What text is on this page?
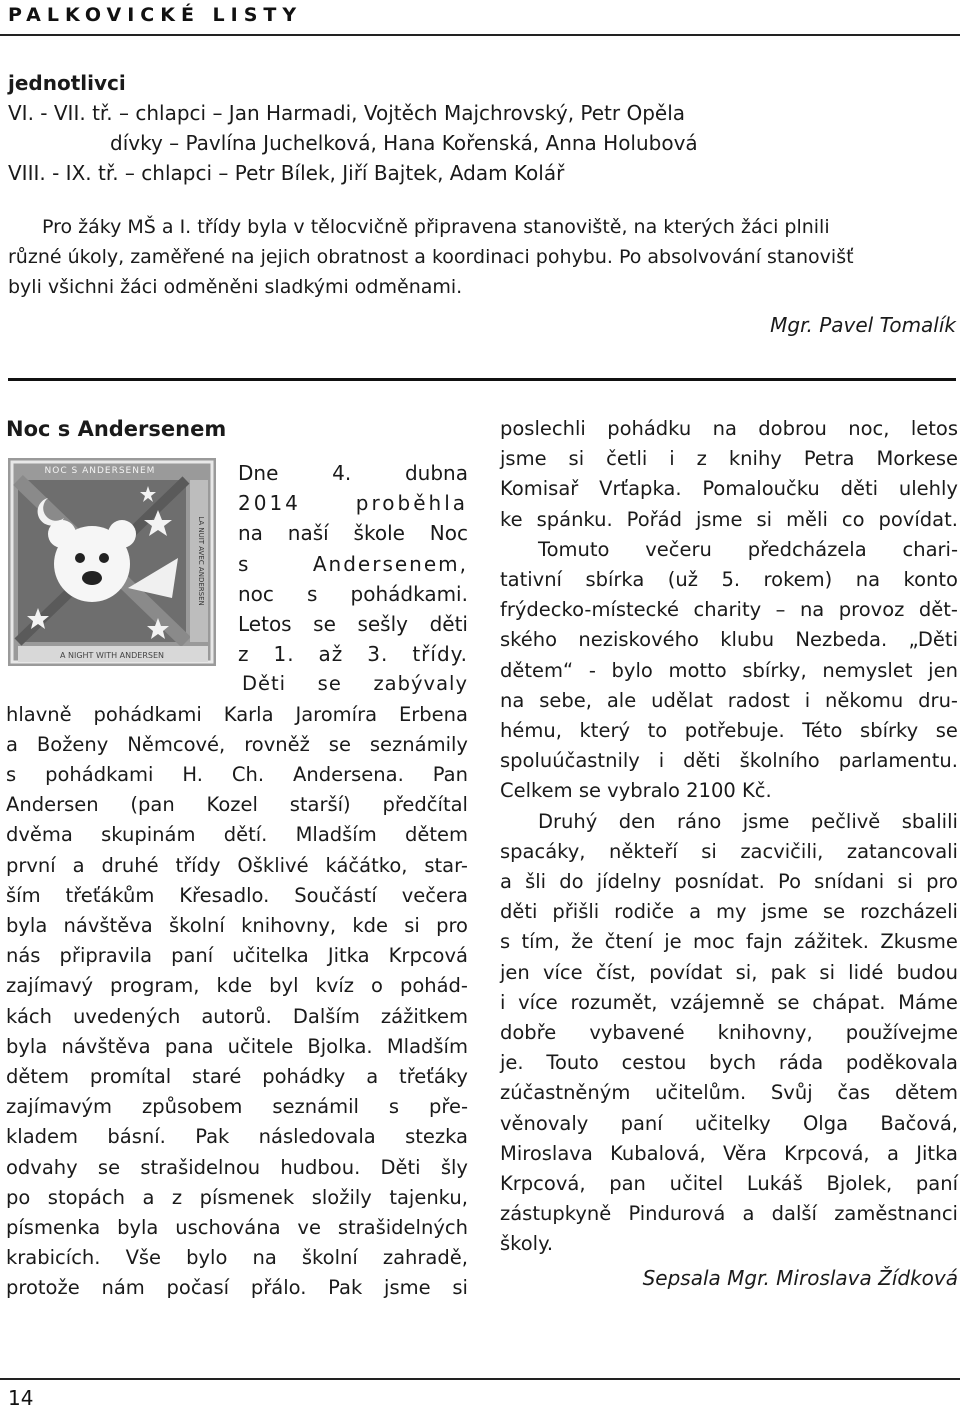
PALKOVICKÉ LISTY
jednotlivci
VI. - VII. tř. – chlapci – Jan Harmadi, Vojtěch Majchrovský, Petr Opěla
dívky – Pavlína Juchelková, Hana Kořenská, Anna Holubová
VIII. - IX. tř. – chlapci – Petr Bílek, Jiří Bajtek, Adam Kolář
Pro žáky MŠ a I. třídy byla v tělocvičně připravena stanoviště, na kterých žáci plnili
různé úkoly, zaměřené na jejich obratnost a koordinaci pohybu. Po absolvování stanovišť
byli všichni žáci odměněni sladkými odměnami.
Mgr. Pavel Tomalík
Noc s Andersenem
NOC S ANDERSENEM
LA NUIT AVEC ANDERSEN
A NIGHT WITH ANDERSEN
Dne	4.	dubna
2014	proběhla
na naší škole Noc
s	Andersenem,
noc s pohádkami.
Letos se sešly děti
z 1. až 3. třídy.
Děti se zabývaly
hlavně pohádkami Karla Jaromíra Erbena
a Boženy Němcové, rovněž se seznámily
s pohádkami H. Ch. Andersena. Pan
Andersen (pan Kozel starší) předčítal
dvěma skupinám dětí. Mladším dětem
první a druhé třídy Ošklivé káčátko, star-
ším třeťákům Křesadlo. Součástí večera
byla návštěva školní knihovny, kde si pro
nás připravila paní učitelka Jitka Krpcová
zajímavý program, kde byl kvíz o pohád-
kách uvedených autorů. Dalším zážitkem
byla návštěva pana učitele Bjolka. Mladším
dětem promítal staré pohádky a třeťáky
zajímavým způsobem seznámil s pře-
kladem básní. Pak následovala stezka
odvahy se strašidelnou hudbou. Děti šly
po stopách a z písmenek složily tajenku,
písmenka byla uschována ve strašidelných
krabicích. Vše bylo na školní zahradě,
protože nám počasí přálo. Pak jsme si
poslechli pohádku na dobrou noc, letos
jsme si četli i z knihy Petra Morkese
Komisař Vrťapka. Pomaloučku děti ulehly
ke spánku. Pořád jsme si měli co povídat.
Tomuto večeru předcházela chari-
tativní sbírka (už 5. rokem) na konto
frýdecko-místecké charity – na provoz dět-
ského neziskového klubu Nezbeda. „Děti
dětem“ - bylo motto sbírky, nemyslet jen
na sebe, ale udělat radost i někomu dru-
hému, který to potřebuje. Této sbírky se
spoluúčastnily i děti školního parlamentu.
Celkem se vybralo 2100 Kč.
Druhý den ráno jsme pečlivě sbalili
spacáky, někteří si zacvičili, zatancovali
a šli do jídelny posnídat. Po snídani si pro
děti přišli rodiče a my jsme se rozcházeli
s tím, že čtení je moc fajn zážitek. Zkusme
jen více číst, povídat si, pak si lidé budou
i více rozumět, vzájemně se chápat. Máme
dobře vybavené knihovny, používejme
je. Touto cestou bych ráda poděkovala
zúčastněným učitelům. Svůj čas dětem
věnovaly paní učitelky Olga Bačová,
Miroslava Kubalová, Věra Krpcová, a Jitka
Krpcová, pan učitel Lukáš Bjolek, paní
zástupkyně Pindurová a další zaměstnanci
školy.
Sepsala Mgr. Miroslava Žídková
14
